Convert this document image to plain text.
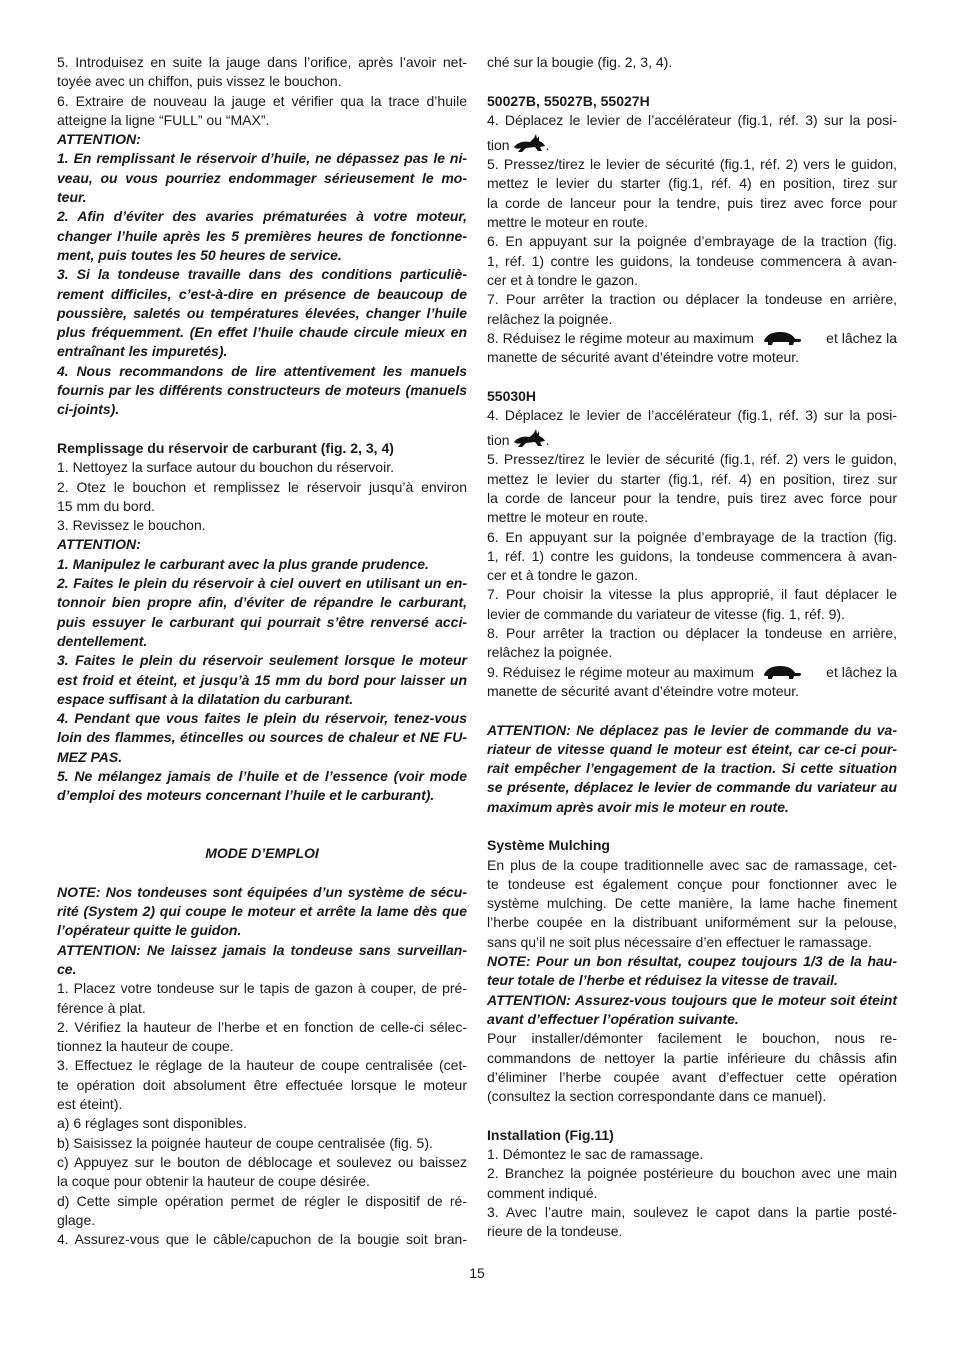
5. Introduisez en suite la jauge dans l’orifice, après l’avoir net-
toyée avec un chiffon, puis vissez le bouchon.
6. Extraire de nouveau la jauge et vérifier qua la trace d’huile
atteigne la ligne “FULL” ou “MAX”.
ATTENTION:
1. En remplissant le réservoir d’huile, ne dépassez pas le ni-
veau, ou vous pourriez endommager sérieusement le mo-
teur.
2. Afin d’éviter des avaries prématurées à votre moteur,
changer l’huile après les 5 premières heures de fonctionne-
ment, puis toutes les 50 heures de service.
3. Si la tondeuse travaille dans des conditions particuliè-
rement difficiles, c’est-à-dire en présence de beaucoup de
poussière, saletés ou températures élevées, changer l’huile
plus fréquemment. (En effet l’huile chaude circule mieux en
entraînant les impuretés).
4. Nous recommandons de lire attentivement les manuels
fournis par les différents constructeurs de moteurs (manuels
ci-joints).
Remplissage du réservoir de carburant (fig. 2, 3, 4)
1. Nettoyez la surface autour du bouchon du réservoir.
2. Otez le bouchon et remplissez le réservoir jusqu’à environ
15 mm du bord.
3. Revissez le bouchon.
ATTENTION:
1. Manipulez le carburant avec la plus grande prudence.
2. Faites le plein du réservoir à ciel ouvert en utilisant un en-
tonnoir bien propre afin, d’éviter de répandre le carburant,
puis essuyer le carburant qui pourrait s’être renversé acci-
dentellement.
3. Faites le plein du réservoir seulement lorsque le moteur
est froid et éteint, et jusqu’à 15 mm du bord pour laisser un
espace suffisant à la dilatation du carburant.
4. Pendant que vous faites le plein du réservoir, tenez-vous
loin des flammes, étincelles ou sources de chaleur et NE FU-
MEZ PAS.
5. Ne mélangez jamais de l’huile et de l’essence (voir mode
d’emploi des moteurs concernant l’huile et le carburant).
MODE D’EMPLOI
NOTE: Nos tondeuses sont équipées d’un système de sécu-
rité (System 2) qui coupe le moteur et arrête la lame dès que
l’opérateur quitte le guidon.
ATTENTION: Ne laissez jamais la tondeuse sans surveillan-
ce.
1. Placez votre tondeuse sur le tapis de gazon à couper, de pré-
férence à plat.
2. Vérifiez la hauteur de l’herbe et en fonction de celle-ci sélec-
tionnez la hauteur de coupe.
3. Effectuez le réglage de la hauteur de coupe centralisée (cet-
te opération doit absolument être effectuée lorsque le moteur
est éteint).
a) 6 réglages sont disponibles.
b) Saisissez la poignée hauteur de coupe centralisée (fig. 5).
c) Appuyez sur le bouton de déblocage et soulevez ou baissez
la coque pour obtenir la hauteur de coupe désirée.
d) Cette simple opération permet de régler le dispositif de ré-
glage.
4. Assurez-vous que le câble/capuchon de la bougie soit bran-
ché sur la bougie (fig. 2, 3, 4).
50027B, 55027B, 55027H
4. Déplacez le levier de l’accélérateur (fig.1, réf. 3) sur la posi-
tion	.
5. Pressez/tirez le levier de sécurité (fig.1, réf. 2) vers le guidon,
mettez le levier du starter (fig.1, réf. 4) en position, tirez sur
la corde de lanceur pour la tendre, puis tirez avec force pour
mettre le moteur en route.
6. En appuyant sur la poignée d’embrayage de la traction (fig.
1, réf. 1) contre les guidons, la tondeuse commencera à avan-
cer et à tondre le gazon.
7. Pour arrêter la traction ou déplacer la tondeuse en arrière,
relâchez la poignée.
8. Réduisez le régime moteur au maximum	et lâchez la
manette de sécurité avant d’éteindre votre moteur.
55030H
4. Déplacez le levier de l’accélérateur (fig.1, réf. 3) sur la posi-
tion	.
5. Pressez/tirez le levier de sécurité (fig.1, réf. 2) vers le guidon,
mettez le levier du starter (fig.1, réf. 4) en position, tirez sur
la corde de lanceur pour la tendre, puis tirez avec force pour
mettre le moteur en route.
6. En appuyant sur la poignée d’embrayage de la traction (fig.
1, réf. 1) contre les guidons, la tondeuse commencera à avan-
cer et à tondre le gazon.
7. Pour choisir la vitesse la plus approprié, il faut déplacer le
levier de commande du variateur de vitesse (fig. 1, réf. 9).
8. Pour arrêter la traction ou déplacer la tondeuse en arrière,
relâchez la poignée.
9. Réduisez le régime moteur au maximum	et lâchez la
manette de sécurité avant d’éteindre votre moteur.
ATTENTION: Ne déplacez pas le levier de commande du va-
riateur de vitesse quand le moteur est éteint, car ce-ci pour-
rait empêcher l’engagement de la traction. Si cette situation
se présente, déplacez le levier de commande du variateur au
maximum après avoir mis le moteur en route.
Système Mulching
En plus de la coupe traditionnelle avec sac de ramassage, cet-
te tondeuse est également conçue pour fonctionner avec le
système mulching. De cette manière, la lame hache finement
l’herbe coupée en la distribuant uniformément sur la pelouse,
sans qu’il ne soit plus nécessaire d’en effectuer le ramassage.
NOTE: Pour un bon résultat, coupez toujours 1/3 de la hau-
teur totale de l’herbe et réduisez la vitesse de travail.
ATTENTION: Assurez-vous toujours que le moteur soit éteint
avant d’effectuer l’opération suivante.
Pour installer/démonter facilement le bouchon, nous re-
commandons de nettoyer la partie inférieure du châssis afin
d’éliminer l’herbe coupée avant d’effectuer cette opération
(consultez la section correspondante dans ce manuel).
Installation (Fig.11)
1. Démontez le sac de ramassage.
2. Branchez la poignée postérieure du bouchon avec une main
comment indiqué.
3. Avec l’autre main, soulevez le capot dans la partie posté-
rieure de la tondeuse.
15
